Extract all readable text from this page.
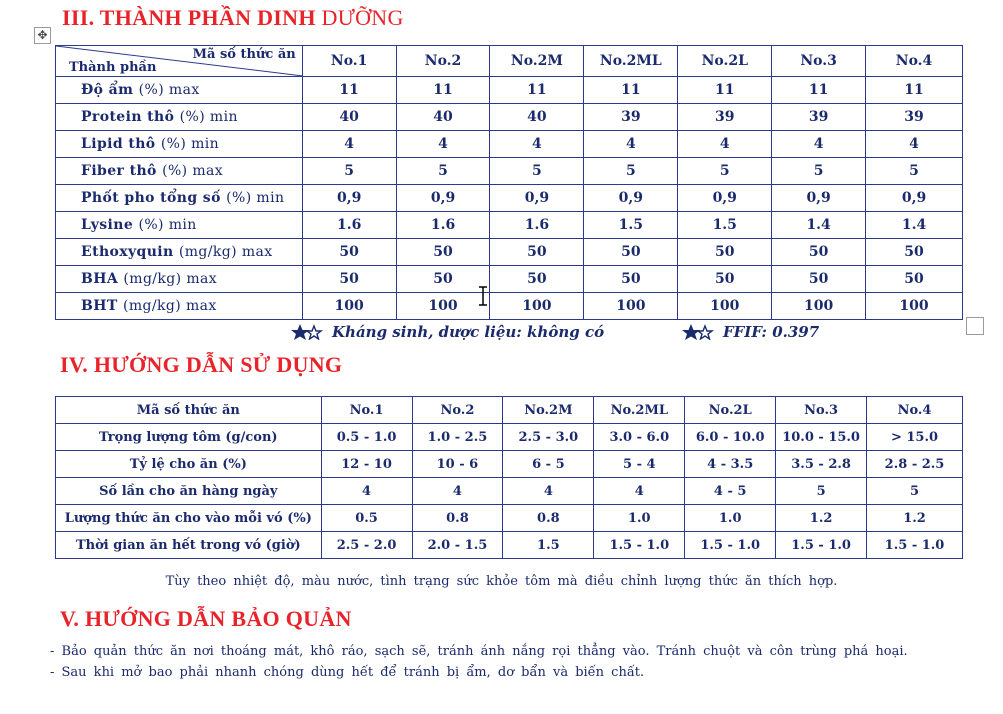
✥
III. THÀNH PHẦN DINH DƯỠNG
Mã số thức ăn
Thành phần	No.1	No.2	No.2M	No.2ML	No.2L	No.3	No.4
Độ ẩm (%) max	11	11	11	11	11	11	11
Protein thô (%) min	40	40	40	39	39	39	39
Lipid thô (%) min	4	4	4	4	4	4	4
Fiber thô (%) max	5	5	5	5	5	5	5
Phốt pho tổng số (%) min	0,9	0,9	0,9	0,9	0,9	0,9	0,9
Lysine (%) min	1.6	1.6	1.6	1.5	1.5	1.4	1.4
Ethoxyquin (mg/kg) max	50	50	50	50	50	50	50
BHA (mg/kg) max	50	50	50	50	50	50	50
BHT (mg/kg) max	100	100	100	100	100	100	100
Kháng sinh, dược liệu: không có	FFIF: 0.397
IV. HƯỚNG DẪN SỬ DỤNG
Mã số thức ăn	No.1	No.2	No.2M	No.2ML	No.2L	No.3	No.4
Trọng lượng tôm (g/con)	0.5 - 1.0	1.0 - 2.5	2.5 - 3.0	3.0 - 6.0	6.0 - 10.0	10.0 - 15.0	> 15.0
Tỷ lệ cho ăn (%)	12 - 10	10 - 6	6 - 5	5 - 4	4 - 3.5	3.5 - 2.8	2.8 - 2.5
Số lần cho ăn hàng ngày	4	4	4	4	4 - 5	5	5
Lượng thức ăn cho vào mỗi vó (%)	0.5	0.8	0.8	1.0	1.0	1.2	1.2
Thời gian ăn hết trong vó (giờ)	2.5 - 2.0	2.0 - 1.5	1.5	1.5 - 1.0	1.5 - 1.0	1.5 - 1.0	1.5 - 1.0
Tùy theo nhiệt độ, màu nước, tình trạng sức khỏe tôm mà điều chỉnh lượng thức ăn thích hợp.
V. HƯỚNG DẪN BẢO QUẢN
- Bảo quản thức ăn nơi thoáng mát, khô ráo, sạch sẽ, tránh ánh nắng rọi thẳng vào. Tránh chuột và côn trùng phá hoại.
- Sau khi mở bao phải nhanh chóng dùng hết để tránh bị ẩm, dơ bẩn và biến chất.
